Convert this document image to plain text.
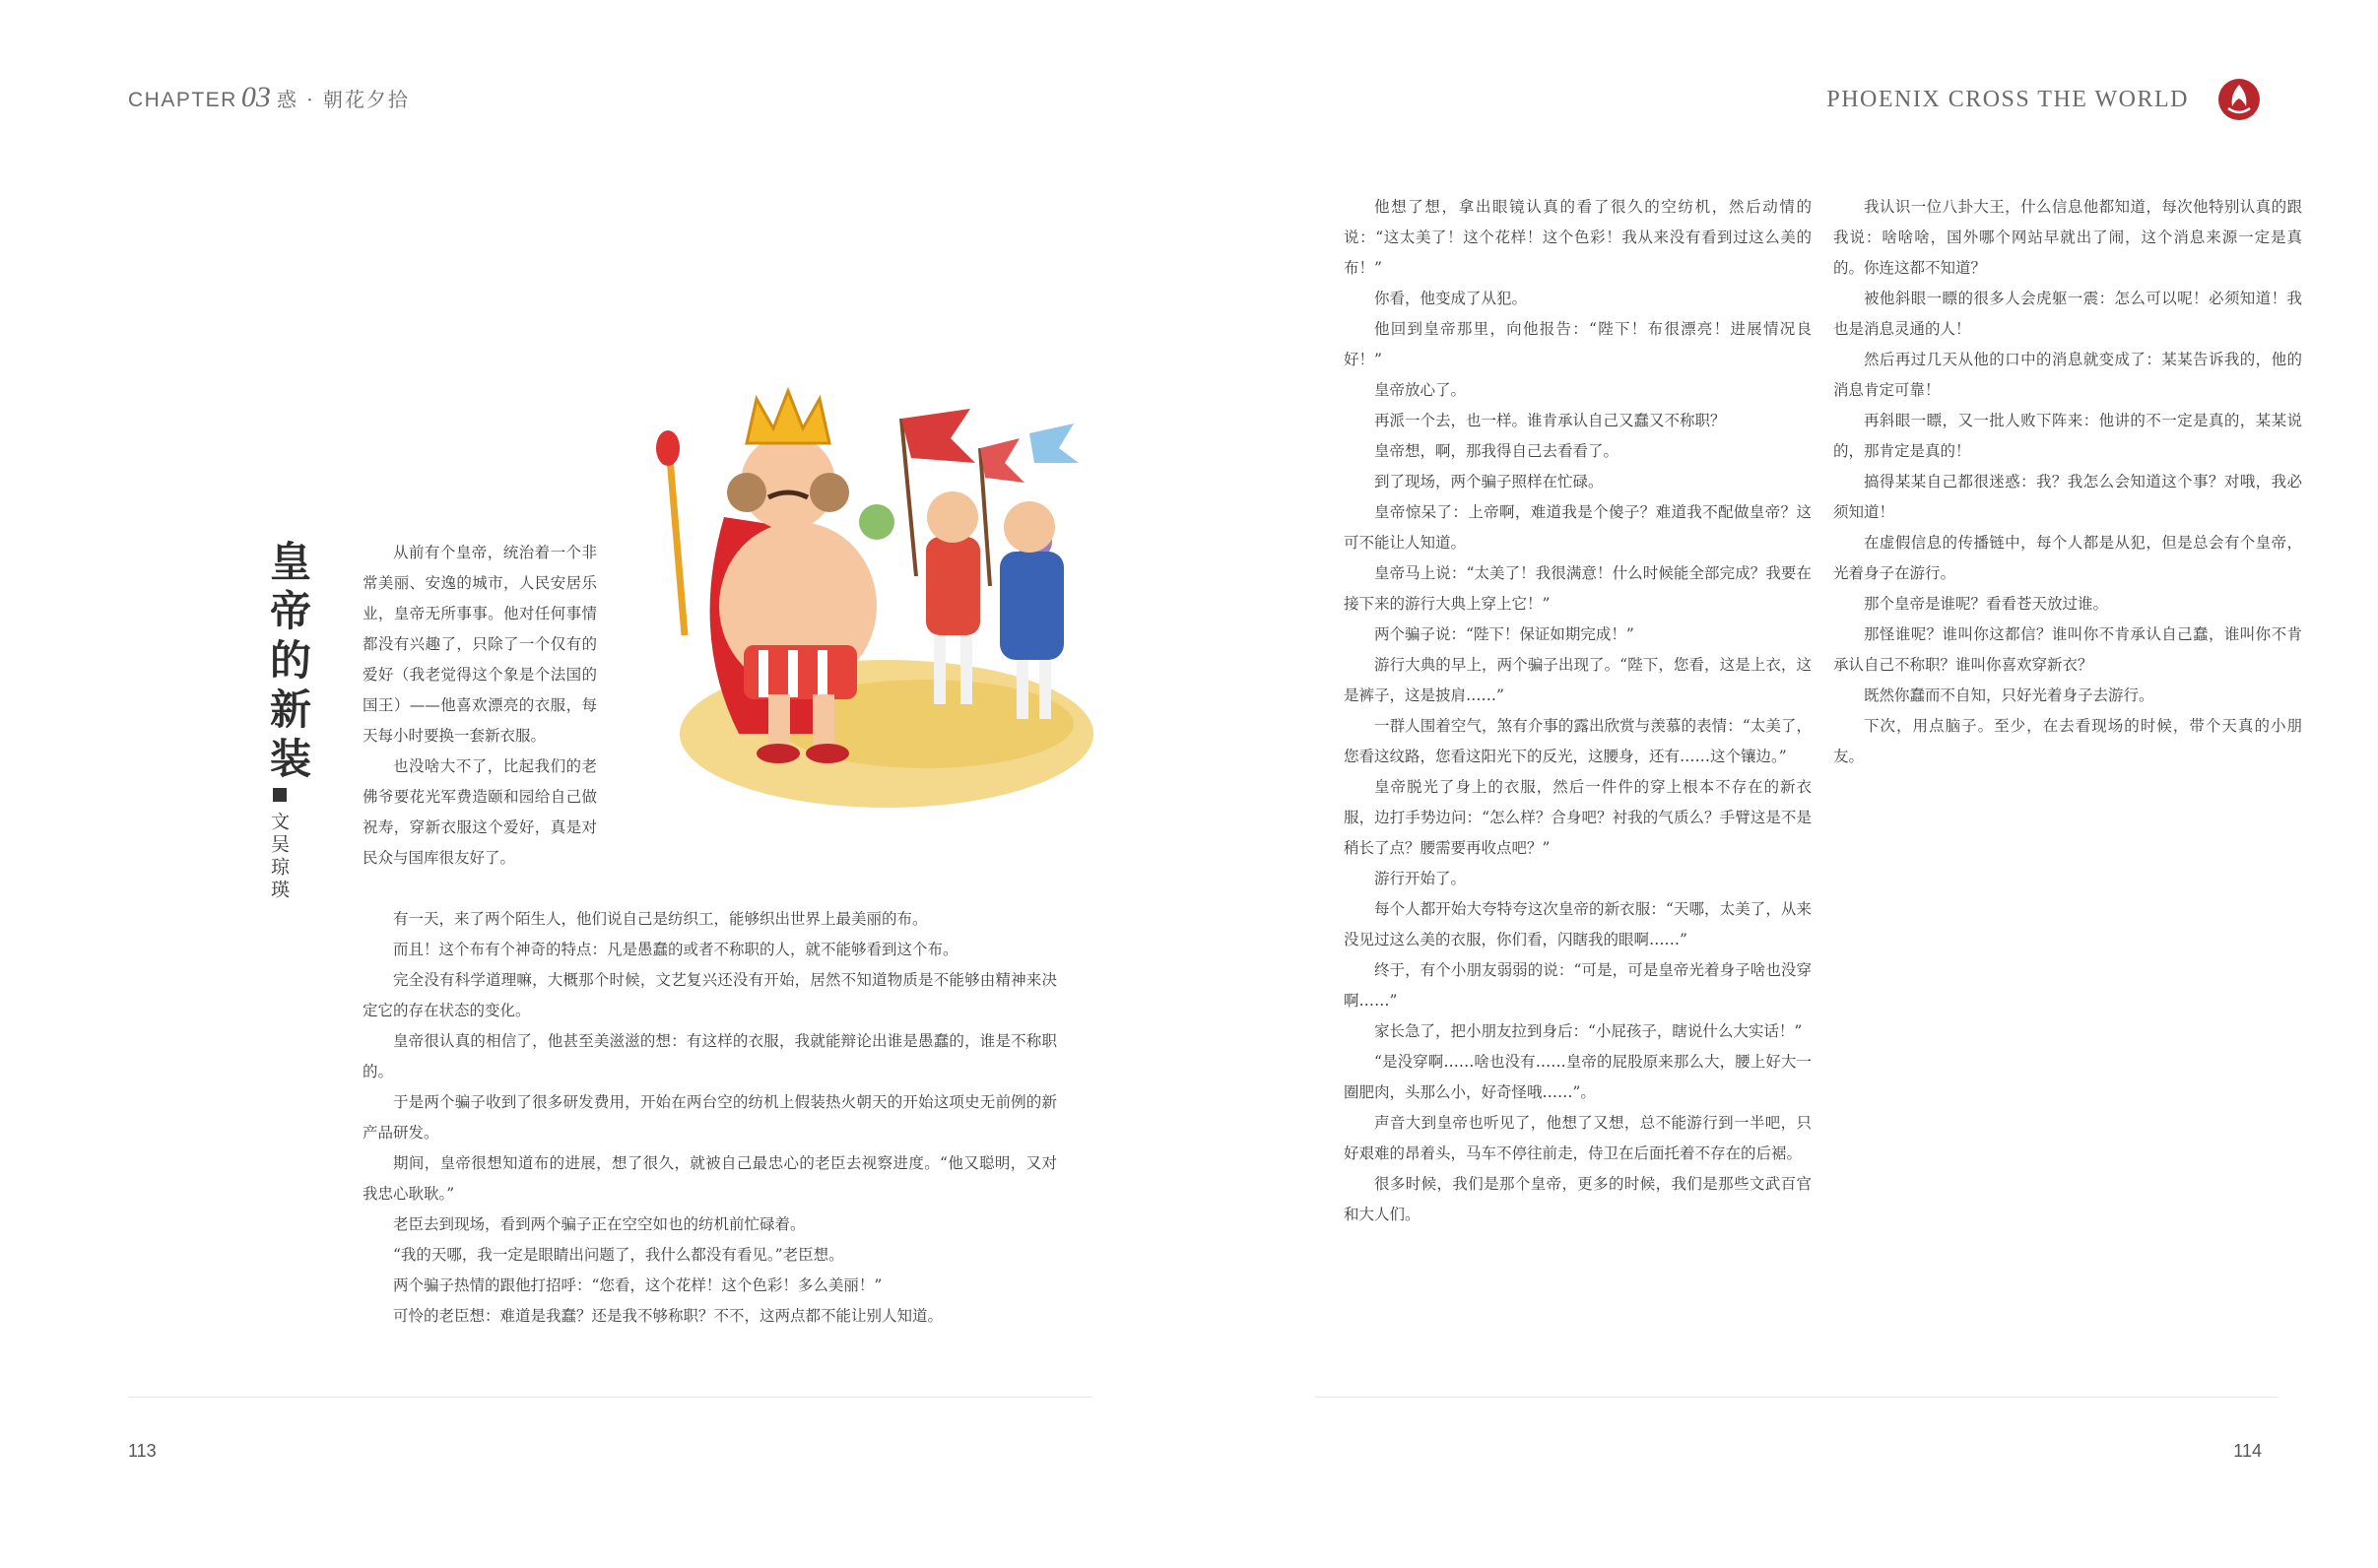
CHAPTER 03 惑 · 朝花夕拾
皇帝的新装
文吴琼瑛

从前有个皇帝，统治着一个非常美丽、安逸的城市，人民安居乐业，皇帝无所事事。他对任何事情都没有兴趣了，只除了一个仅有的爱好（我老觉得这个象是个法国的国王）——他喜欢漂亮的衣服，每天每小时要换一套新衣服。

也没啥大不了，比起我们的老佛爷要花光军费造颐和园给自己做祝寿，穿新衣服这个爱好，真是对民众与国库很友好了。

有一天，来了两个陌生人，他们说自己是纺织工，能够织出世界上最美丽的布。

而且！这个布有个神奇的特点：凡是愚蠢的或者不称职的人，就不能够看到这个布。

完全没有科学道理嘛，大概那个时候，文艺复兴还没有开始，居然不知道物质是不能够由精神来决定它的存在状态的变化。

皇帝很认真的相信了，他甚至美滋滋的想：有这样的衣服，我就能辩论出谁是愚蠢的，谁是不称职的。

于是两个骗子收到了很多研发费用，开始在两台空的纺机上假装热火朝天的开始这项史无前例的新产品研发。

期间，皇帝很想知道布的进展，想了很久，就被自己最忠心的老臣去视察进度。“他又聪明，又对我忠心耿耿。”

老臣去到现场，看到两个骗子正在空空如也的纺机前忙碌着。

“我的天哪，我一定是眼睛出问题了，我什么都没有看见。”老臣想。

两个骗子热情的跟他打招呼：“您看，这个花样！这个色彩！多么美丽！”

可怜的老臣想：难道是我蠢？还是我不够称职？不不，这两点都不能让别人知道。

113
PHOENIX CROSS THE WORLD

他想了想，拿出眼镜认真的看了很久的空纺机，然后动情的说：“这太美了！这个花样！这个色彩！我从来没有看到过这么美的布！”

你看，他变成了从犯。

他回到皇帝那里，向他报告：“陛下！布很漂亮！进展情况良好！”

皇帝放心了。

再派一个去，也一样。谁肯承认自己又蠢又不称职？

皇帝想，啊，那我得自己去看看了。

到了现场，两个骗子照样在忙碌。

皇帝惊呆了：上帝啊，难道我是个傻子？难道我不配做皇帝？这可不能让人知道。

皇帝马上说：“太美了！我很满意！什么时候能全部完成？我要在接下来的游行大典上穿上它！”

两个骗子说：“陛下！保证如期完成！”

游行大典的早上，两个骗子出现了。“陛下，您看，这是上衣，这是裤子，这是披肩……”

一群人围着空气，煞有介事的露出欣赏与羡慕的表情：“太美了，您看这纹路，您看这阳光下的反光，这腰身，还有……这个镶边。”

皇帝脱光了身上的衣服，然后一件件的穿上根本不存在的新衣服，边打手势边问：“怎么样？合身吧？衬我的气质么？手臂这是不是稍长了点？腰需要再收点吧？”

游行开始了。

每个人都开始大夸特夸这次皇帝的新衣服：“天哪，太美了，从来没见过这么美的衣服，你们看，闪瞎我的眼啊……”

终于，有个小朋友弱弱的说：“可是，可是皇帝光着身子啥也没穿啊……”

家长急了，把小朋友拉到身后：“小屁孩子，瞎说什么大实话！”

“是没穿啊……啥也没有……皇帝的屁股原来那么大，腰上好大一圈肥肉，头那么小，好奇怪哦……”。

声音大到皇帝也听见了，他想了又想，总不能游行到一半吧，只好艰难的昂着头，马车不停往前走，侍卫在后面托着不存在的后裾。

很多时候，我们是那个皇帝，更多的时候，我们是那些文武百官和大人们。

我认识一位八卦大王，什么信息他都知道，每次他特别认真的跟我说：啥啥啥，国外哪个网站早就出了闹，这个消息来源一定是真的。你连这都不知道？

被他斜眼一瞟的很多人会虎躯一震：怎么可以呢！必须知道！我也是消息灵通的人！

然后再过几天从他的口中的消息就变成了：某某告诉我的，他的消息肯定可靠！

再斜眼一瞟，又一批人败下阵来：他讲的不一定是真的，某某说的，那肯定是真的！

搞得某某自己都很迷惑：我？我怎么会知道这个事？对哦，我必须知道！

在虚假信息的传播链中，每个人都是从犯，但是总会有个皇帝，光着身子在游行。

那个皇帝是谁呢？看看苍天放过谁。

那怪谁呢？谁叫你这都信？谁叫你不肯承认自己蠢，谁叫你不肯承认自己不称职？谁叫你喜欢穿新衣？

既然你蠢而不自知，只好光着身子去游行。

下次，用点脑子。至少，在去看现场的时候，带个天真的小朋友。

114
